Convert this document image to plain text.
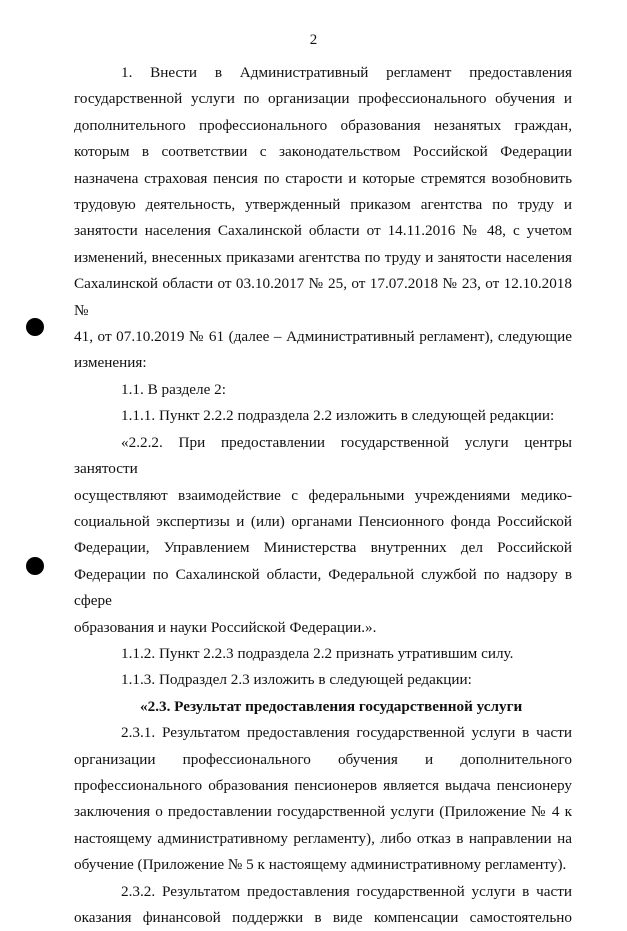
2

1. Внести в Административный регламент предоставления

государственной услуги по организации профессионального обучения и

дополнительного профессионального образования незанятых граждан,

которым в соответствии с законодательством Российской Федерации

назначена страховая пенсия по старости и которые стремятся возобновить

трудовую деятельность, утвержденный приказом агентства по труду и

занятости населения Сахалинской области от 14.11.2016 № 48, с учетом

изменений, внесенных приказами агентства по труду и занятости населения

Сахалинской области от 03.10.2017 № 25, от 17.07.2018 № 23, от 12.10.2018 №

41, от 07.10.2019 № 61 (далее – Административный регламент), следующие

изменения:

1.1. В разделе 2:

1.1.1. Пункт 2.2.2 подраздела 2.2 изложить в следующей редакции:

«2.2.2. При предоставлении государственной услуги центры занятости

осуществляют взаимодействие с федеральными учреждениями медико-

социальной экспертизы и (или) органами Пенсионного фонда Российской

Федерации, Управлением Министерства внутренних дел Российской

Федерации по Сахалинской области, Федеральной службой по надзору в сфере

образования и науки Российской Федерации.».

1.1.2. Пункт 2.2.3 подраздела 2.2 признать утратившим силу.

1.1.3. Подраздел 2.3 изложить в следующей редакции:

«2.3. Результат предоставления государственной услуги

2.3.1. Результатом предоставления государственной услуги в части

организации профессионального обучения и дополнительного

профессионального образования пенсионеров является выдача пенсионеру

заключения о предоставлении государственной услуги (Приложение № 4 к

настоящему административному регламенту), либо отказ в направлении на

обучение (Приложение № 5 к настоящему административному регламенту).

2.3.2. Результатом предоставления государственной услуги в части

оказания финансовой поддержки в виде компенсации самостоятельно
